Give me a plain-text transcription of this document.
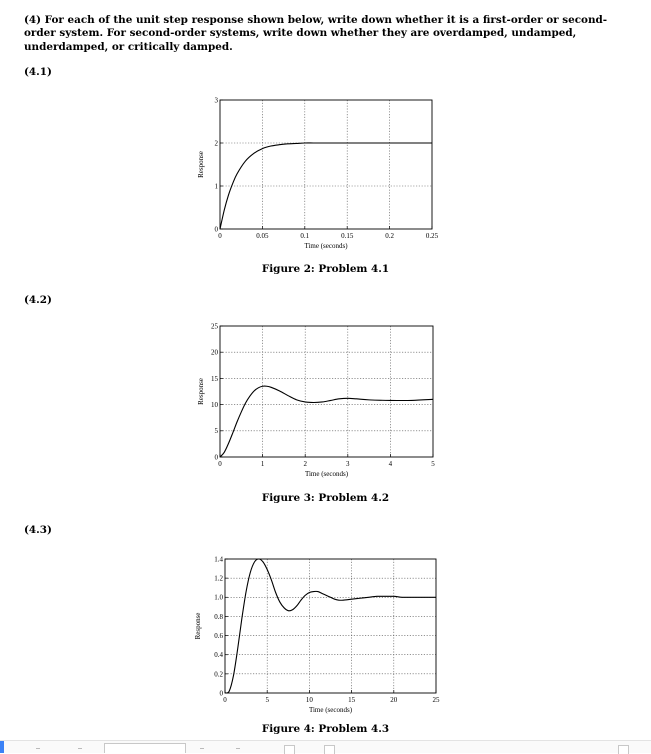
(4) For each of the unit step response shown below, write down whether it is a first-order or second-order system. For second-order systems, write down whether they are overdamped, undamped, underdamped, or critically damped.
(4.1)
0	0.05	0.1	0.15	0.2	0.25
0
1
2
3
Time (seconds)
Response
Figure 2: Problem 4.1
(4.2)
0	1	2	3	4	5
0
5
10
15
20
25
Time (seconds)
Response
Figure 3: Problem 4.2
(4.3)
0	5	10	15	20	25
0
0.2
0.4
0.6
0.8
1.0
1.2
1.4
Time (seconds)
Response
Figure 4: Problem 4.3
